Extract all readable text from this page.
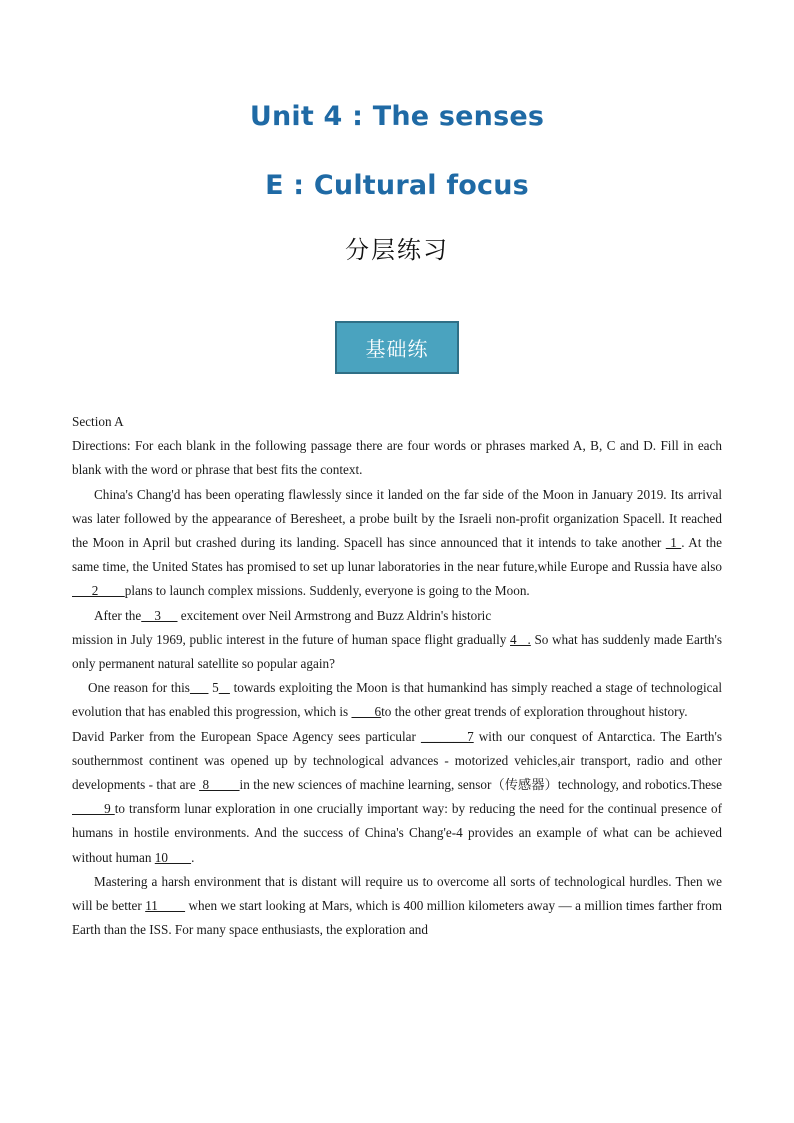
Unit 4 : The senses
E : Cultural focus
分层练习
基础练

Section A

Directions: For each blank in the following passage there are four words or phrases marked A, B, C and D. Fill in each blank with the word or phrase that best fits the context.

China's Chang'd has been operating flawlessly since it landed on the far side of the Moon in January 2019. Its arrival was later followed by the appearance of Beresheet, a probe built by the Israeli non-profit organization Spacell. It reached the Moon in April but crashed during its landing. Spacell has since announced that it intends to take another  1 . At the same time, the United States has promised to set up lunar laboratories in the near future,while Europe and Russia have also       2        plans to launch complex missions. Suddenly, everyone is going to the Moon.

After the    3      excitement over Neil Armstrong and Buzz Aldrin's historic

mission in July 1969, public interest in the future of human space flight gradually 4   . So what has suddenly made Earth's only permanent natural satellite so popular again?

One reason for this      5    towards exploiting the Moon is that humankind has simply reached a stage of technological evolution that has enabled this progression, which is        6to the other great trends of exploration throughout history.

David Parker from the European Space Agency sees particular _______7 with our conquest of Antarctica. The Earth's southernmost continent was opened up by technological advances - motorized vehicles,air transport, radio and other developments - that are  8         in the new sciences of machine learning, sensor（传感器）technology, and robotics.These        9 to transform lunar exploration in one crucially important way: by reducing the need for the continual presence of humans in hostile environments. And the success of China's Chang'e-4 provides an example of what can be achieved without human 10       .

Mastering a harsh environment that is distant will require us to overcome all sorts of technological hurdles. Then we will be better 11         when we start looking at Mars, which is 400 million kilometers away — a million times farther from Earth than the ISS. For many space enthusiasts, the exploration and
